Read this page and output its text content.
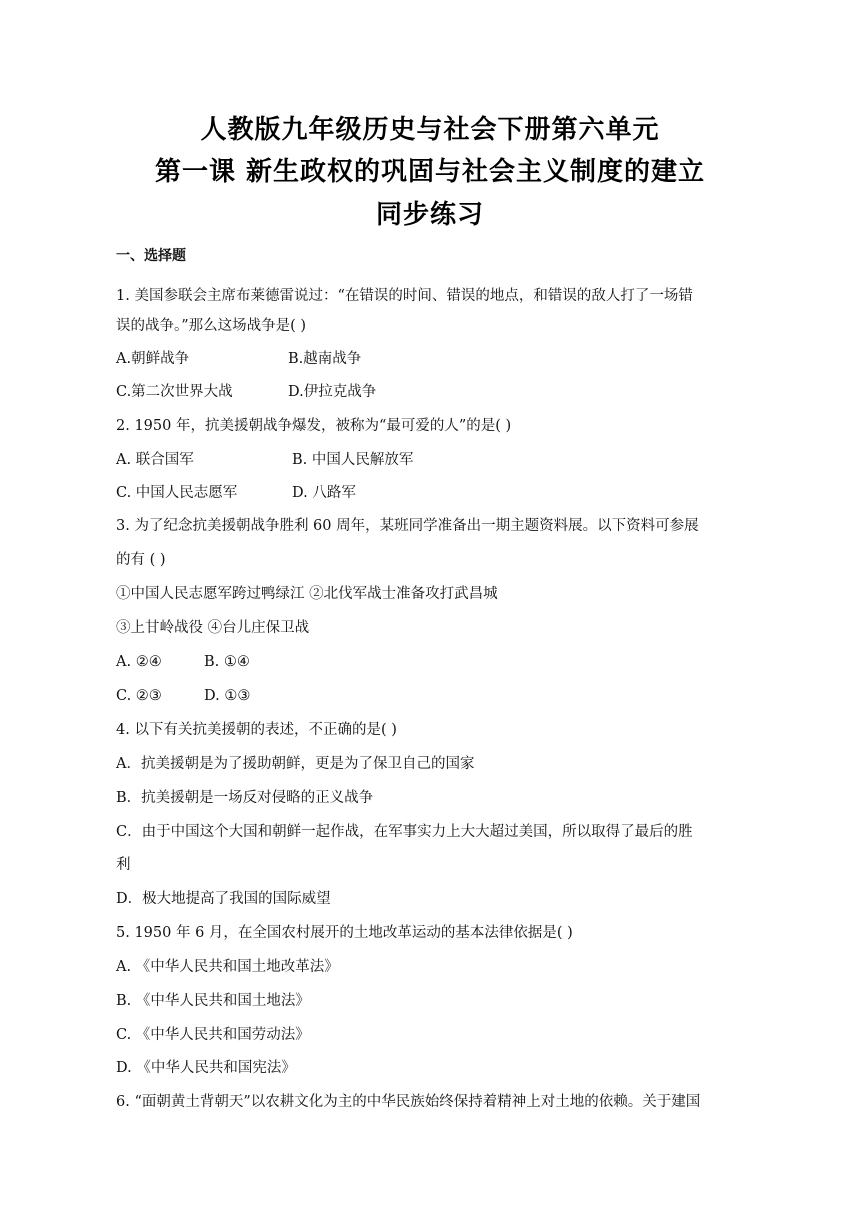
人教版九年级历史与社会下册第六单元
第一课 新生政权的巩固与社会主义制度的建立
同步练习
一、选择题
1. 美国参联会主席布莱德雷说过：“在错误的时间、错误的地点，和错误的敌人打了一场错
误的战争。”那么这场战争是( )
A.朝鲜战争	B.越南战争
C.第二次世界大战	D.伊拉克战争
2. 1950 年，抗美援朝战争爆发，被称为“最可爱的人”的是( )
A. 联合国军	B. 中国人民解放军
C. 中国人民志愿军	D. 八路军
3. 为了纪念抗美援朝战争胜利 60 周年，某班同学准备出一期主题资料展。以下资料可参展
的有 ( )
①中国人民志愿军跨过鸭绿江 ②北伐军战士准备攻打武昌城
③上甘岭战役 ④台儿庄保卫战
A. ②④	B. ①④
C. ②③	D. ①③
4. 以下有关抗美援朝的表述，不正确的是( )
A．抗美援朝是为了援助朝鲜，更是为了保卫自己的国家
B．抗美援朝是一场反对侵略的正义战争
C．由于中国这个大国和朝鲜一起作战，在军事实力上大大超过美国，所以取得了最后的胜
利
D．极大地提高了我国的国际威望
5. 1950 年 6 月，在全国农村展开的土地改革运动的基本法律依据是( )
A. 《中华人民共和国土地改革法》
B. 《中华人民共和国土地法》
C. 《中华人民共和国劳动法》
D. 《中华人民共和国宪法》
6. “面朝黄土背朝天”以农耕文化为主的中华民族始终保持着精神上对土地的依赖。关于建国
